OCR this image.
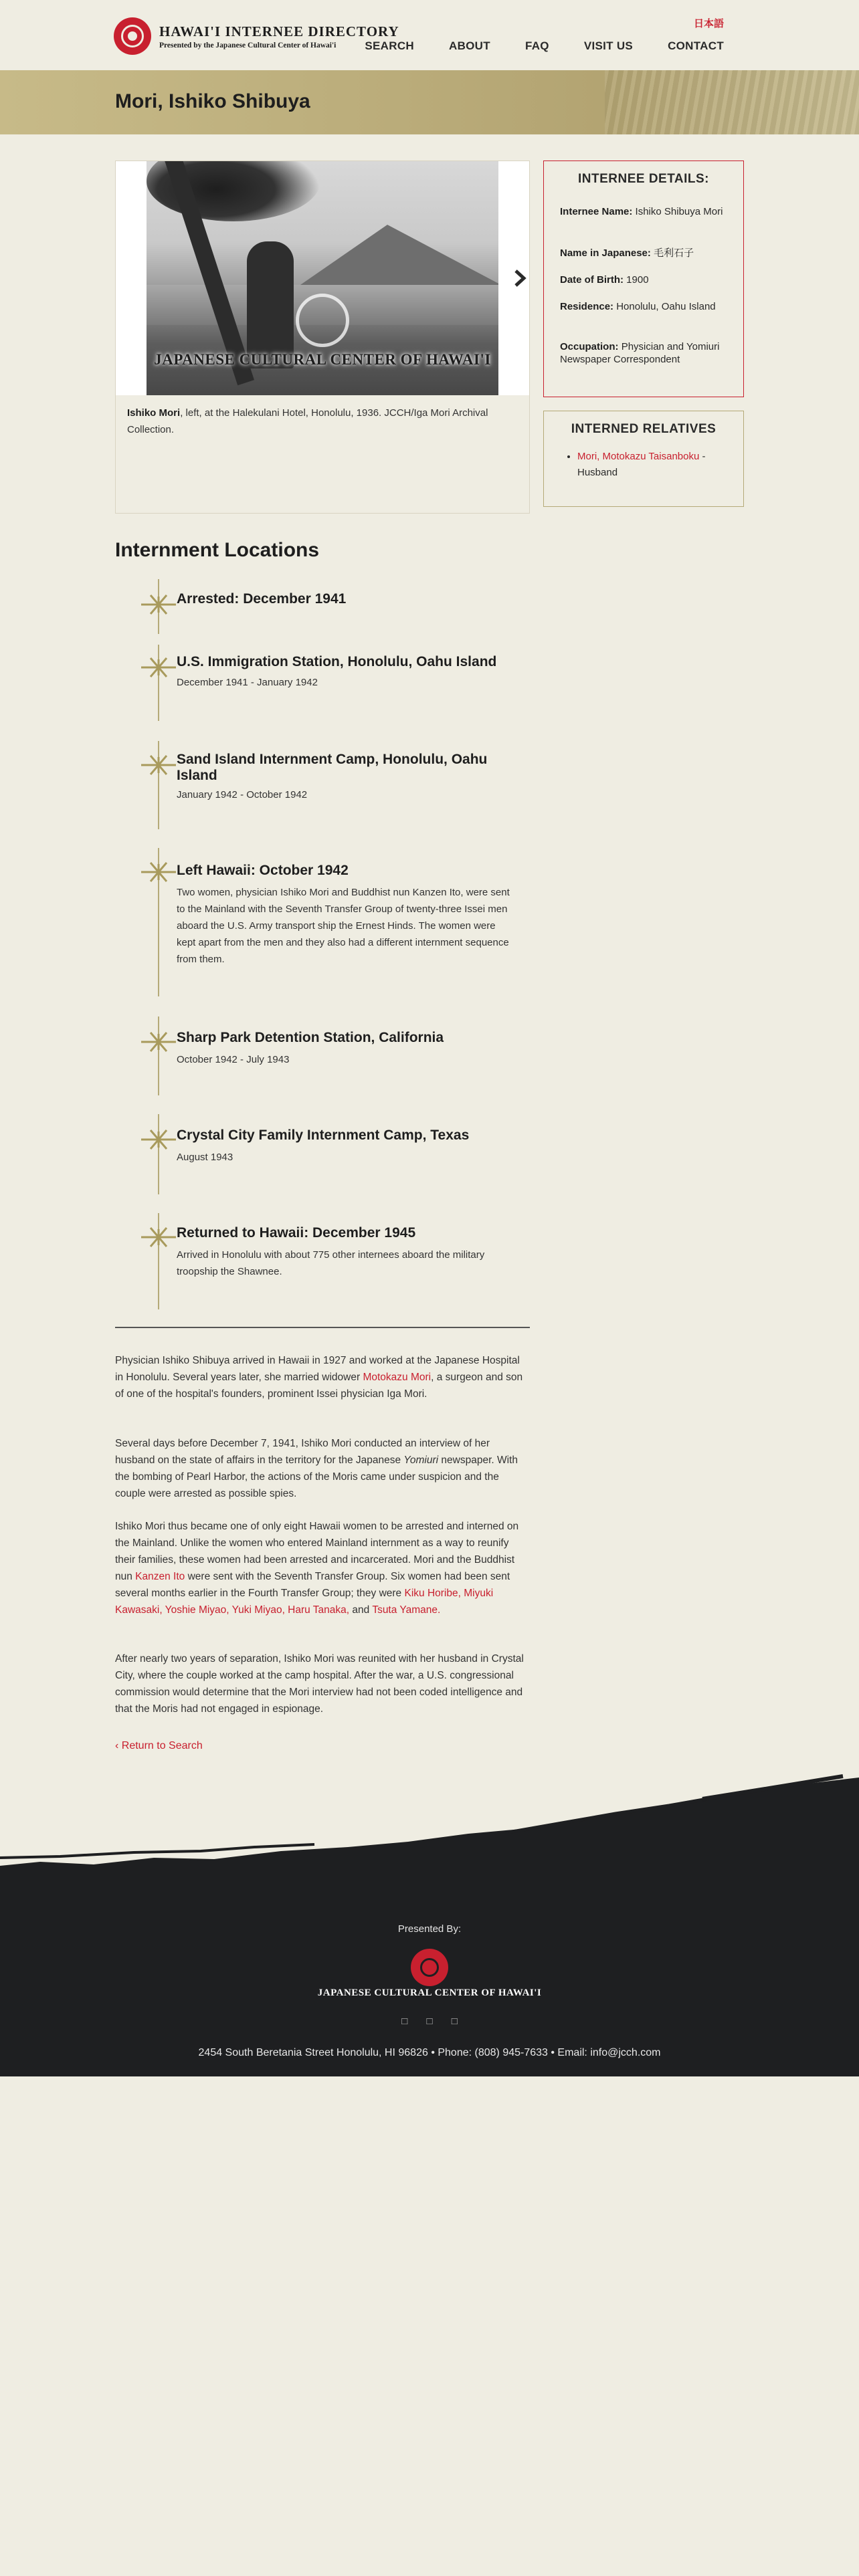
HAWAI'I INTERNEE DIRECTORY
Presented by the Japanese Cultural Center of Hawai'i
日本語
SEARCH	ABOUT	FAQ	VISIT US	CONTACT
Mori, Ishiko Shibuya
JAPANESE CULTURAL CENTER OF HAWAI'I
Ishiko Mori, left, at the Halekulani Hotel, Honolulu, 1936. JCCH/Iga Mori Archival Collection.
INTERNEE DETAILS:
Internee Name: Ishiko Shibuya Mori
Name in Japanese: 毛利石子
Date of Birth: 1900
Residence: Honolulu, Oahu Island
Occupation: Physician and Yomiuri Newspaper Correspondent
INTERNED RELATIVES
• Mori, Motokazu Taisanboku - Husband
Internment Locations
Arrested: December 1941
U.S. Immigration Station, Honolulu, Oahu Island
December 1941 - January 1942
Sand Island Internment Camp, Honolulu, Oahu Island
January 1942 - October 1942
Left Hawaii: October 1942
Two women, physician Ishiko Mori and Buddhist nun Kanzen Ito, were sent to the Mainland with the Seventh Transfer Group of twenty-three Issei men aboard the U.S. Army transport ship the Ernest Hinds. The women were kept apart from the men and they also had a different internment sequence from them.
Sharp Park Detention Station, California
October 1942 - July 1943
Crystal City Family Internment Camp, Texas
August 1943
Returned to Hawaii: December 1945
Arrived in Honolulu with about 775 other internees aboard the military troopship the Shawnee.
Physician Ishiko Shibuya arrived in Hawaii in 1927 and worked at the Japanese Hospital in Honolulu. Several years later, she married widower Motokazu Mori, a surgeon and son of one of the hospital's founders, prominent Issei physician Iga Mori.
Several days before December 7, 1941, Ishiko Mori conducted an interview of her husband on the state of affairs in the territory for the Japanese Yomiuri newspaper. With the bombing of Pearl Harbor, the actions of the Moris came under suspicion and the couple were arrested as possible spies.
Ishiko Mori thus became one of only eight Hawaii women to be arrested and interned on the Mainland. Unlike the women who entered Mainland internment as a way to reunify their families, these women had been arrested and incarcerated. Mori and the Buddhist nun Kanzen Ito were sent with the Seventh Transfer Group. Six women had been sent several months earlier in the Fourth Transfer Group; they were Kiku Horibe, Miyuki Kawasaki, Yoshie Miyao, Yuki Miyao, Haru Tanaka, and Tsuta Yamane.
After nearly two years of separation, Ishiko Mori was reunited with her husband in Crystal City, where the couple worked at the camp hospital. After the war, a U.S. congressional commission would determine that the Mori interview had not been coded intelligence and that the Moris had not engaged in espionage.
‹ Return to Search
Presented By:
JAPANESE CULTURAL CENTER OF HAWAI'I
□ □ □
2454 South Beretania Street Honolulu, HI 96826 • Phone: (808) 945-7633 • Email: info@jcch.com
